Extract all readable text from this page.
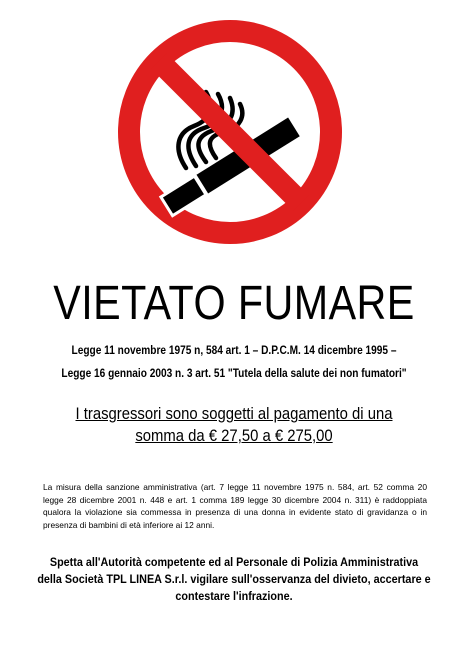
VIETATO FUMARE
Legge 11 novembre 1975 n, 584 art. 1 – D.P.C.M. 14 dicembre 1995 –
Legge 16 gennaio 2003 n. 3 art. 51 "Tutela della salute dei non fumatori"
I trasgressori sono soggetti al pagamento di una
somma da € 27,50 a € 275,00
La misura della sanzione amministrativa (art. 7 legge 11 novembre 1975 n. 584, art. 52 comma 20 legge 28 dicembre 2001 n. 448 e art. 1 comma 189 legge 30 dicembre 2004 n. 311) è raddoppiata qualora la violazione sia commessa in presenza di una donna in evidente stato di gravidanza o in presenza di bambini di età inferiore ai 12 anni.
Spetta all'Autorità competente ed al Personale di Polizia Amministrativa
della Società TPL LINEA S.r.l. vigilare sull'osservanza del divieto, accertare e
contestare l'infrazione.
